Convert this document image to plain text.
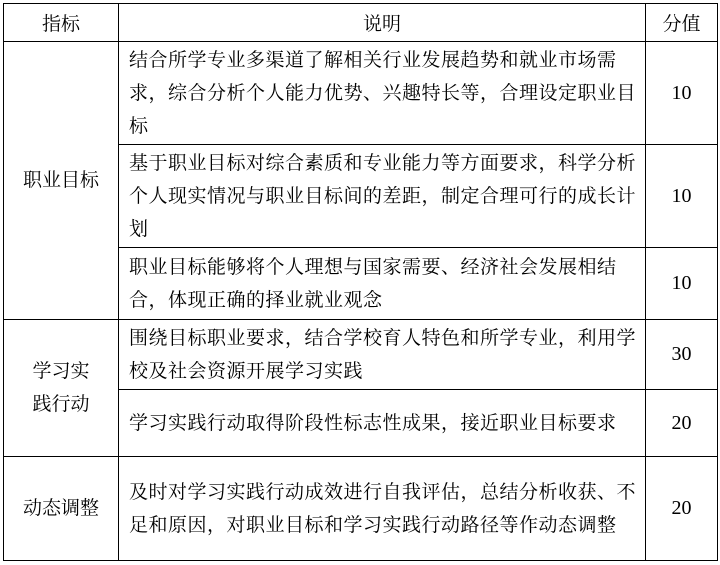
指标	说明	分值
职业目标	结合所学专业多渠道了解相关行业发展趋势和就业市场需求，综合分析个人能力优势、兴趣特长等，合理设定职业目标	10
	基于职业目标对综合素质和专业能力等方面要求，科学分析个人现实情况与职业目标间的差距，制定合理可行的成长计划	10
	职业目标能够将个人理想与国家需要、经济社会发展相结合，体现正确的择业就业观念	10
学习实践行动	围绕目标职业要求，结合学校育人特色和所学专业，利用学校及社会资源开展学习实践	30
	学习实践行动取得阶段性标志性成果，接近职业目标要求	20
动态调整	及时对学习实践行动成效进行自我评估，总结分析收获、不足和原因，对职业目标和学习实践行动路径等作动态调整	20
